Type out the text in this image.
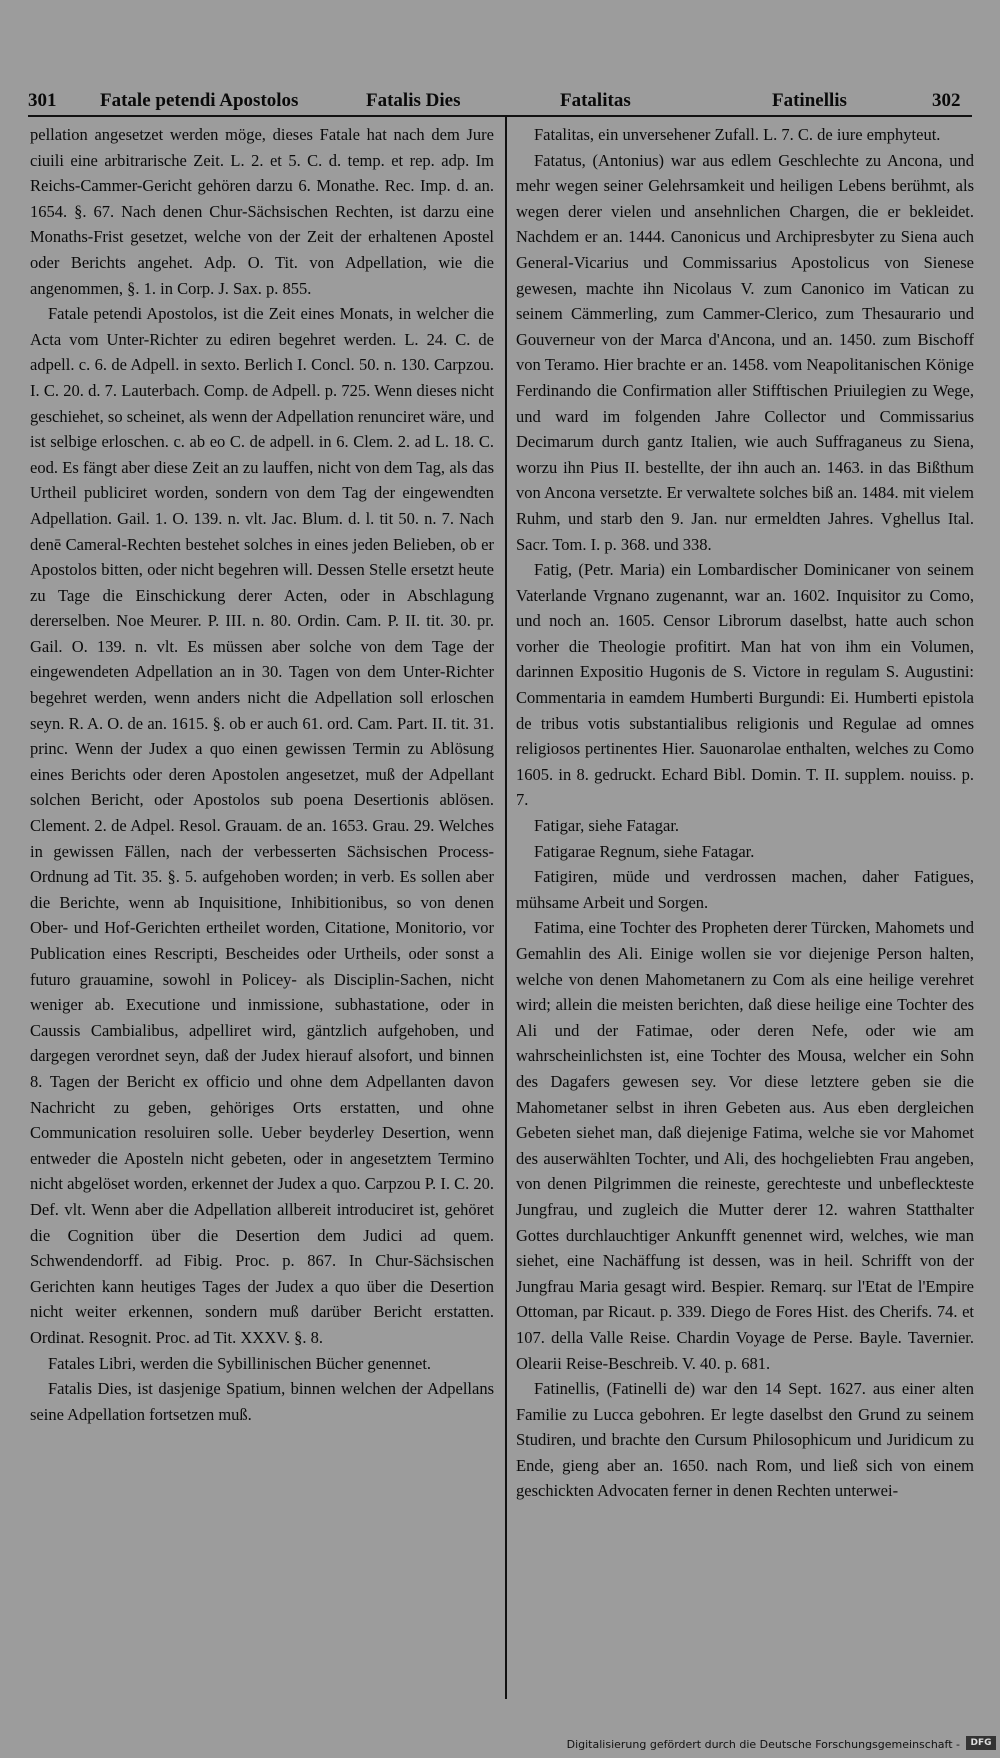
301 Fatale petendi Apostolos	Fatalis Dies	Fatalitas	Fatinellis	302

pellation angesetzet werden möge, dieses Fatale hat nach dem Jure ciuili eine arbitrarische Zeit. L. 2. et 5. C. d. temp. et rep. adp. Im Reichs-Cammer-Gericht gehören darzu 6. Monathe. Rec. Imp. d. an. 1654. §. 67. Nach denen Chur-Sächsischen Rechten, ist darzu eine Monaths-Frist gesetzet, welche von der Zeit der erhaltenen Apostel oder Berichts angehet. Adp. O. Tit. von Adpellation, wie die angenommen, §. 1. in Corp. J. Sax. p. 855.

Fatale petendi Apostolos, ist die Zeit eines Monats, in welcher die Acta vom Unter-Richter zu ediren begehret werden. L. 24. C. de adpell. c. 6. de Adpell. in sexto. Berlich I. Concl. 50. n. 130. Carpzou. I. C. 20. d. 7. Lauterbach. Comp. de Adpell. p. 725. Wenn dieses nicht geschiehet, so scheinet, als wenn der Adpellation renunciret wäre, und ist selbige erloschen. c. ab eo C. de adpell. in 6. Clem. 2. ad L. 18. C. eod. Es fängt aber diese Zeit an zu lauffen, nicht von dem Tag, als das Urtheil publiciret worden, sondern von dem Tag der eingewendten Adpellation. Gail. 1. O. 139. n. vlt. Jac. Blum. d. l. tit 50. n. 7. Nach denē Cameral-Rechten bestehet solches in eines jeden Belieben, ob er Apostolos bitten, oder nicht begehren will. Dessen Stelle ersetzt heute zu Tage die Einschickung derer Acten, oder in Abschlagung dererselben. Noe Meurer. P. III. n. 80. Ordin. Cam. P. II. tit. 30. pr. Gail. O. 139. n. vlt. Es müssen aber solche von dem Tage der eingewendeten Adpellation an in 30. Tagen von dem Unter-Richter begehret werden, wenn anders nicht die Adpellation soll erloschen seyn. R. A. O. de an. 1615. §. ob er auch 61. ord. Cam. Part. II. tit. 31. princ. Wenn der Judex a quo einen gewissen Termin zu Ablösung eines Berichts oder deren Apostolen angesetzet, muß der Adpellant solchen Bericht, oder Apostolos sub poena Desertionis ablösen. Clement. 2. de Adpel. Resol. Grauam. de an. 1653. Grau. 29. Welches in gewissen Fällen, nach der verbesserten Sächsischen Process-Ordnung ad Tit. 35. §. 5. aufgehoben worden; in verb. Es sollen aber die Berichte, wenn ab Inquisitione, Inhibitionibus, so von denen Ober- und Hof-Gerichten ertheilet worden, Citatione, Monitorio, vor Publication eines Rescripti, Bescheides oder Urtheils, oder sonst a futuro grauamine, sowohl in Policey- als Disciplin-Sachen, nicht weniger ab. Executione und inmissione, subhastatione, oder in Caussis Cambialibus, adpelliret wird, gäntzlich aufgehoben, und dargegen verordnet seyn, daß der Judex hierauf alsofort, und binnen 8. Tagen der Bericht ex officio und ohne dem Adpellanten davon Nachricht zu geben, gehöriges Orts erstatten, und ohne Communication resoluiren solle. Ueber beyderley Desertion, wenn entweder die Aposteln nicht gebeten, oder in angesetztem Termino nicht abgelöset worden, erkennet der Judex a quo. Carpzou P. I. C. 20. Def. vlt. Wenn aber die Adpellation allbereit introduciret ist, gehöret die Cognition über die Desertion dem Judici ad quem. Schwendendorff. ad Fibig. Proc. p. 867. In Chur-Sächsischen Gerichten kann heutiges Tages der Judex a quo über die Desertion nicht weiter erkennen, sondern muß darüber Bericht erstatten. Ordinat. Resognit. Proc. ad Tit. XXXV. §. 8.

Fatales Libri, werden die Sybillinischen Bücher genennet.

Fatalis Dies, ist dasjenige Spatium, binnen welchen der Adpellans seine Adpellation fortsetzen muß.

Fatalitas, ein unversehener Zufall. L. 7. C. de iure emphyteut.

Fatatus, (Antonius) war aus edlem Geschlechte zu Ancona, und mehr wegen seiner Gelehrsamkeit und heiligen Lebens berühmt, als wegen derer vielen und ansehnlichen Chargen, die er bekleidet. Nachdem er an. 1444. Canonicus und Archipresbyter zu Siena auch General-Vicarius und Commissarius Apostolicus von Sienese gewesen, machte ihn Nicolaus V. zum Canonico im Vatican zu seinem Cämmerling, zum Cammer-Clerico, zum Thesaurario und Gouverneur von der Marca d'Ancona, und an. 1450. zum Bischoff von Teramo. Hier brachte er an. 1458. vom Neapolitanischen Könige Ferdinando die Confirmation aller Stifftischen Priuilegien zu Wege, und ward im folgenden Jahre Collector und Commissarius Decimarum durch gantz Italien, wie auch Suffraganeus zu Siena, worzu ihn Pius II. bestellte, der ihn auch an. 1463. in das Bißthum von Ancona versetzte. Er verwaltete solches biß an. 1484. mit vielem Ruhm, und starb den 9. Jan. nur ermeldten Jahres. Vghellus Ital. Sacr. Tom. I. p. 368. und 338.

Fatig, (Petr. Maria) ein Lombardischer Dominicaner von seinem Vaterlande Vrgnano zugenannt, war an. 1602. Inquisitor zu Como, und noch an. 1605. Censor Librorum daselbst, hatte auch schon vorher die Theologie profitirt. Man hat von ihm ein Volumen, darinnen Expositio Hugonis de S. Victore in regulam S. Augustini: Commentaria in eamdem Humberti Burgundi: Ei. Humberti epistola de tribus votis substantialibus religionis und Regulae ad omnes religiosos pertinentes Hier. Sauonarolae enthalten, welches zu Como 1605. in 8. gedruckt. Echard Bibl. Domin. T. II. supplem. nouiss. p. 7.

Fatigar, siehe Fatagar.

Fatigarae Regnum, siehe Fatagar.

Fatigiren, müde und verdrossen machen, daher Fatigues, mühsame Arbeit und Sorgen.

Fatima, eine Tochter des Propheten derer Türcken, Mahomets und Gemahlin des Ali. Einige wollen sie vor diejenige Person halten, welche von denen Mahometanern zu Com als eine heilige verehret wird; allein die meisten berichten, daß diese heilige eine Tochter des Ali und der Fatimae, oder deren Nefe, oder wie am wahrscheinlichsten ist, eine Tochter des Mousa, welcher ein Sohn des Dagafers gewesen sey. Vor diese letztere geben sie die Mahometaner selbst in ihren Gebeten aus. Aus eben dergleichen Gebeten siehet man, daß diejenige Fatima, welche sie vor Mahomet des auserwählten Tochter, und Ali, des hochgeliebten Frau angeben, von denen Pilgrimmen die reineste, gerechteste und unbefleckteste Jungfrau, und zugleich die Mutter derer 12. wahren Statthalter Gottes durchlauchtiger Ankunfft genennet wird, welches, wie man siehet, eine Nachäffung ist dessen, was in heil. Schrifft von der Jungfrau Maria gesagt wird. Bespier. Remarq. sur l'Etat de l'Empire Ottoman, par Ricaut. p. 339. Diego de Fores Hist. des Cherifs. 74. et 107. della Valle Reise. Chardin Voyage de Perse. Bayle. Tavernier. Olearii Reise-Beschreib. V. 40. p. 681.

Fatinellis, (Fatinelli de) war den 14 Sept. 1627. aus einer alten Familie zu Lucca gebohren. Er legte daselbst den Grund zu seinem Studiren, und brachte den Cursum Philosophicum und Juridicum zu Ende, gieng aber an. 1650. nach Rom, und ließ sich von einem geschickten Advocaten ferner in denen Rechten unterwei-

Digitalisierung gefördert durch die Deutsche Forschungsgemeinschaft -	DFG
